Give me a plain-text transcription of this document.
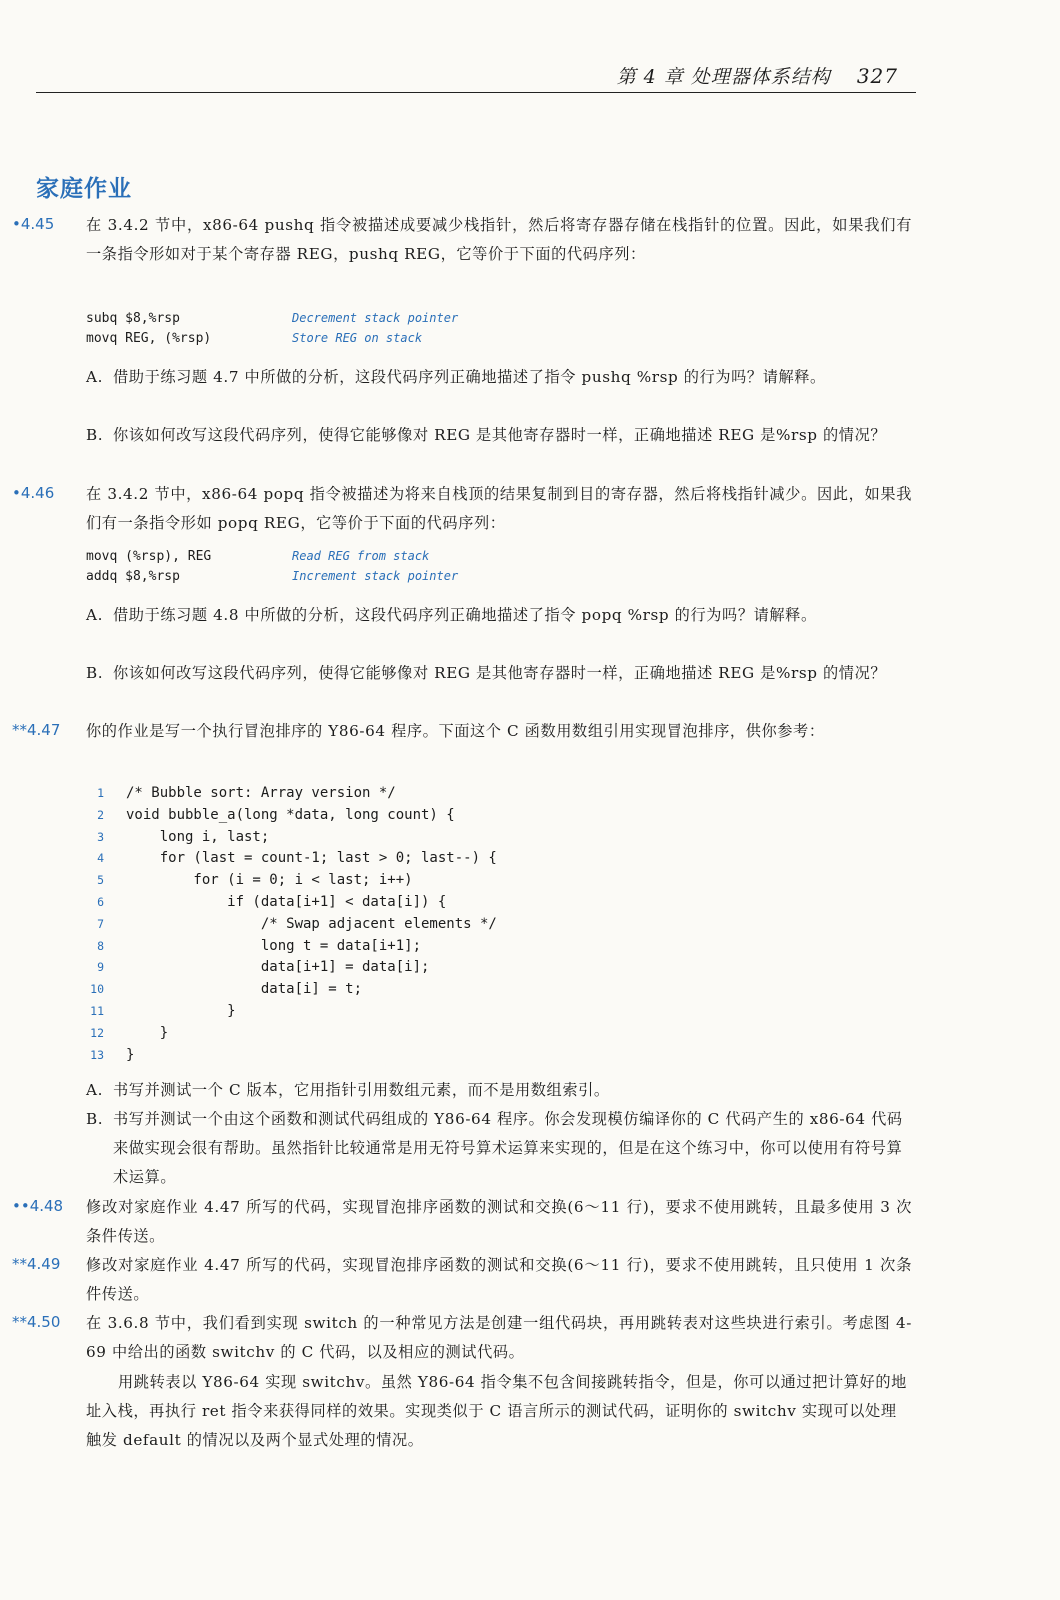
第 4 章 处理器体系结构 327
家庭作业
•4.45	在 3.4.2 节中，x86-64 pushq 指令被描述成要减少栈指针，然后将寄存器存储在栈指针的位置。因此，如果我们有一条指令形如对于某个寄存器 REG，pushq REG，它等价于下面的代码序列：
subq $8,%rsp	Decrement stack pointer
movq REG, (%rsp)	Store REG on stack
A. 借助于练习题 4.7 中所做的分析，这段代码序列正确地描述了指令 pushq %rsp 的行为吗？请解释。
B. 你该如何改写这段代码序列，使得它能够像对 REG 是其他寄存器时一样，正确地描述 REG 是%rsp 的情况？
•4.46	在 3.4.2 节中，x86-64 popq 指令被描述为将来自栈顶的结果复制到目的寄存器，然后将栈指针减少。因此，如果我们有一条指令形如 popq REG，它等价于下面的代码序列：
movq (%rsp), REG	Read REG from stack
addq $8,%rsp	Increment stack pointer
A. 借助于练习题 4.8 中所做的分析，这段代码序列正确地描述了指令 popq %rsp 的行为吗？请解释。
B. 你该如何改写这段代码序列，使得它能够像对 REG 是其他寄存器时一样，正确地描述 REG 是%rsp 的情况？
**4.47	你的作业是写一个执行冒泡排序的 Y86-64 程序。下面这个 C 函数用数组引用实现冒泡排序，供你参考：
1 /* Bubble sort: Array version */
2 void bubble_a(long *data, long count) {
3    long i, last;
4    for (last = count-1; last > 0; last--) {
5        for (i = 0; i < last; i++)
6            if (data[i+1] < data[i]) {
7                /* Swap adjacent elements */
8                long t = data[i+1];
9                data[i+1] = data[i];
10                data[i] = t;
11            }
12    }
13 }
A. 书写并测试一个 C 版本，它用指针引用数组元素，而不是用数组索引。
B. 书写并测试一个由这个函数和测试代码组成的 Y86-64 程序。你会发现模仿编译你的 C 代码产生的 x86-64 代码来做实现会很有帮助。虽然指针比较通常是用无符号算术运算来实现的，但是在这个练习中，你可以使用有符号算术运算。
••4.48	修改对家庭作业 4.47 所写的代码，实现冒泡排序函数的测试和交换(6～11 行)，要求不使用跳转，且最多使用 3 次条件传送。
**4.49	修改对家庭作业 4.47 所写的代码，实现冒泡排序函数的测试和交换(6～11 行)，要求不使用跳转，且只使用 1 次条件传送。
**4.50	在 3.6.8 节中，我们看到实现 switch 的一种常见方法是创建一组代码块，再用跳转表对这些块进行索引。考虑图 4-69 中给出的函数 switchv 的 C 代码，以及相应的测试代码。
用跳转表以 Y86-64 实现 switchv。虽然 Y86-64 指令集不包含间接跳转指令，但是，你可以通过把计算好的地址入栈，再执行 ret 指令来获得同样的效果。实现类似于 C 语言所示的测试代码，证明你的 switchv 实现可以处理触发 default 的情况以及两个显式处理的情况。
